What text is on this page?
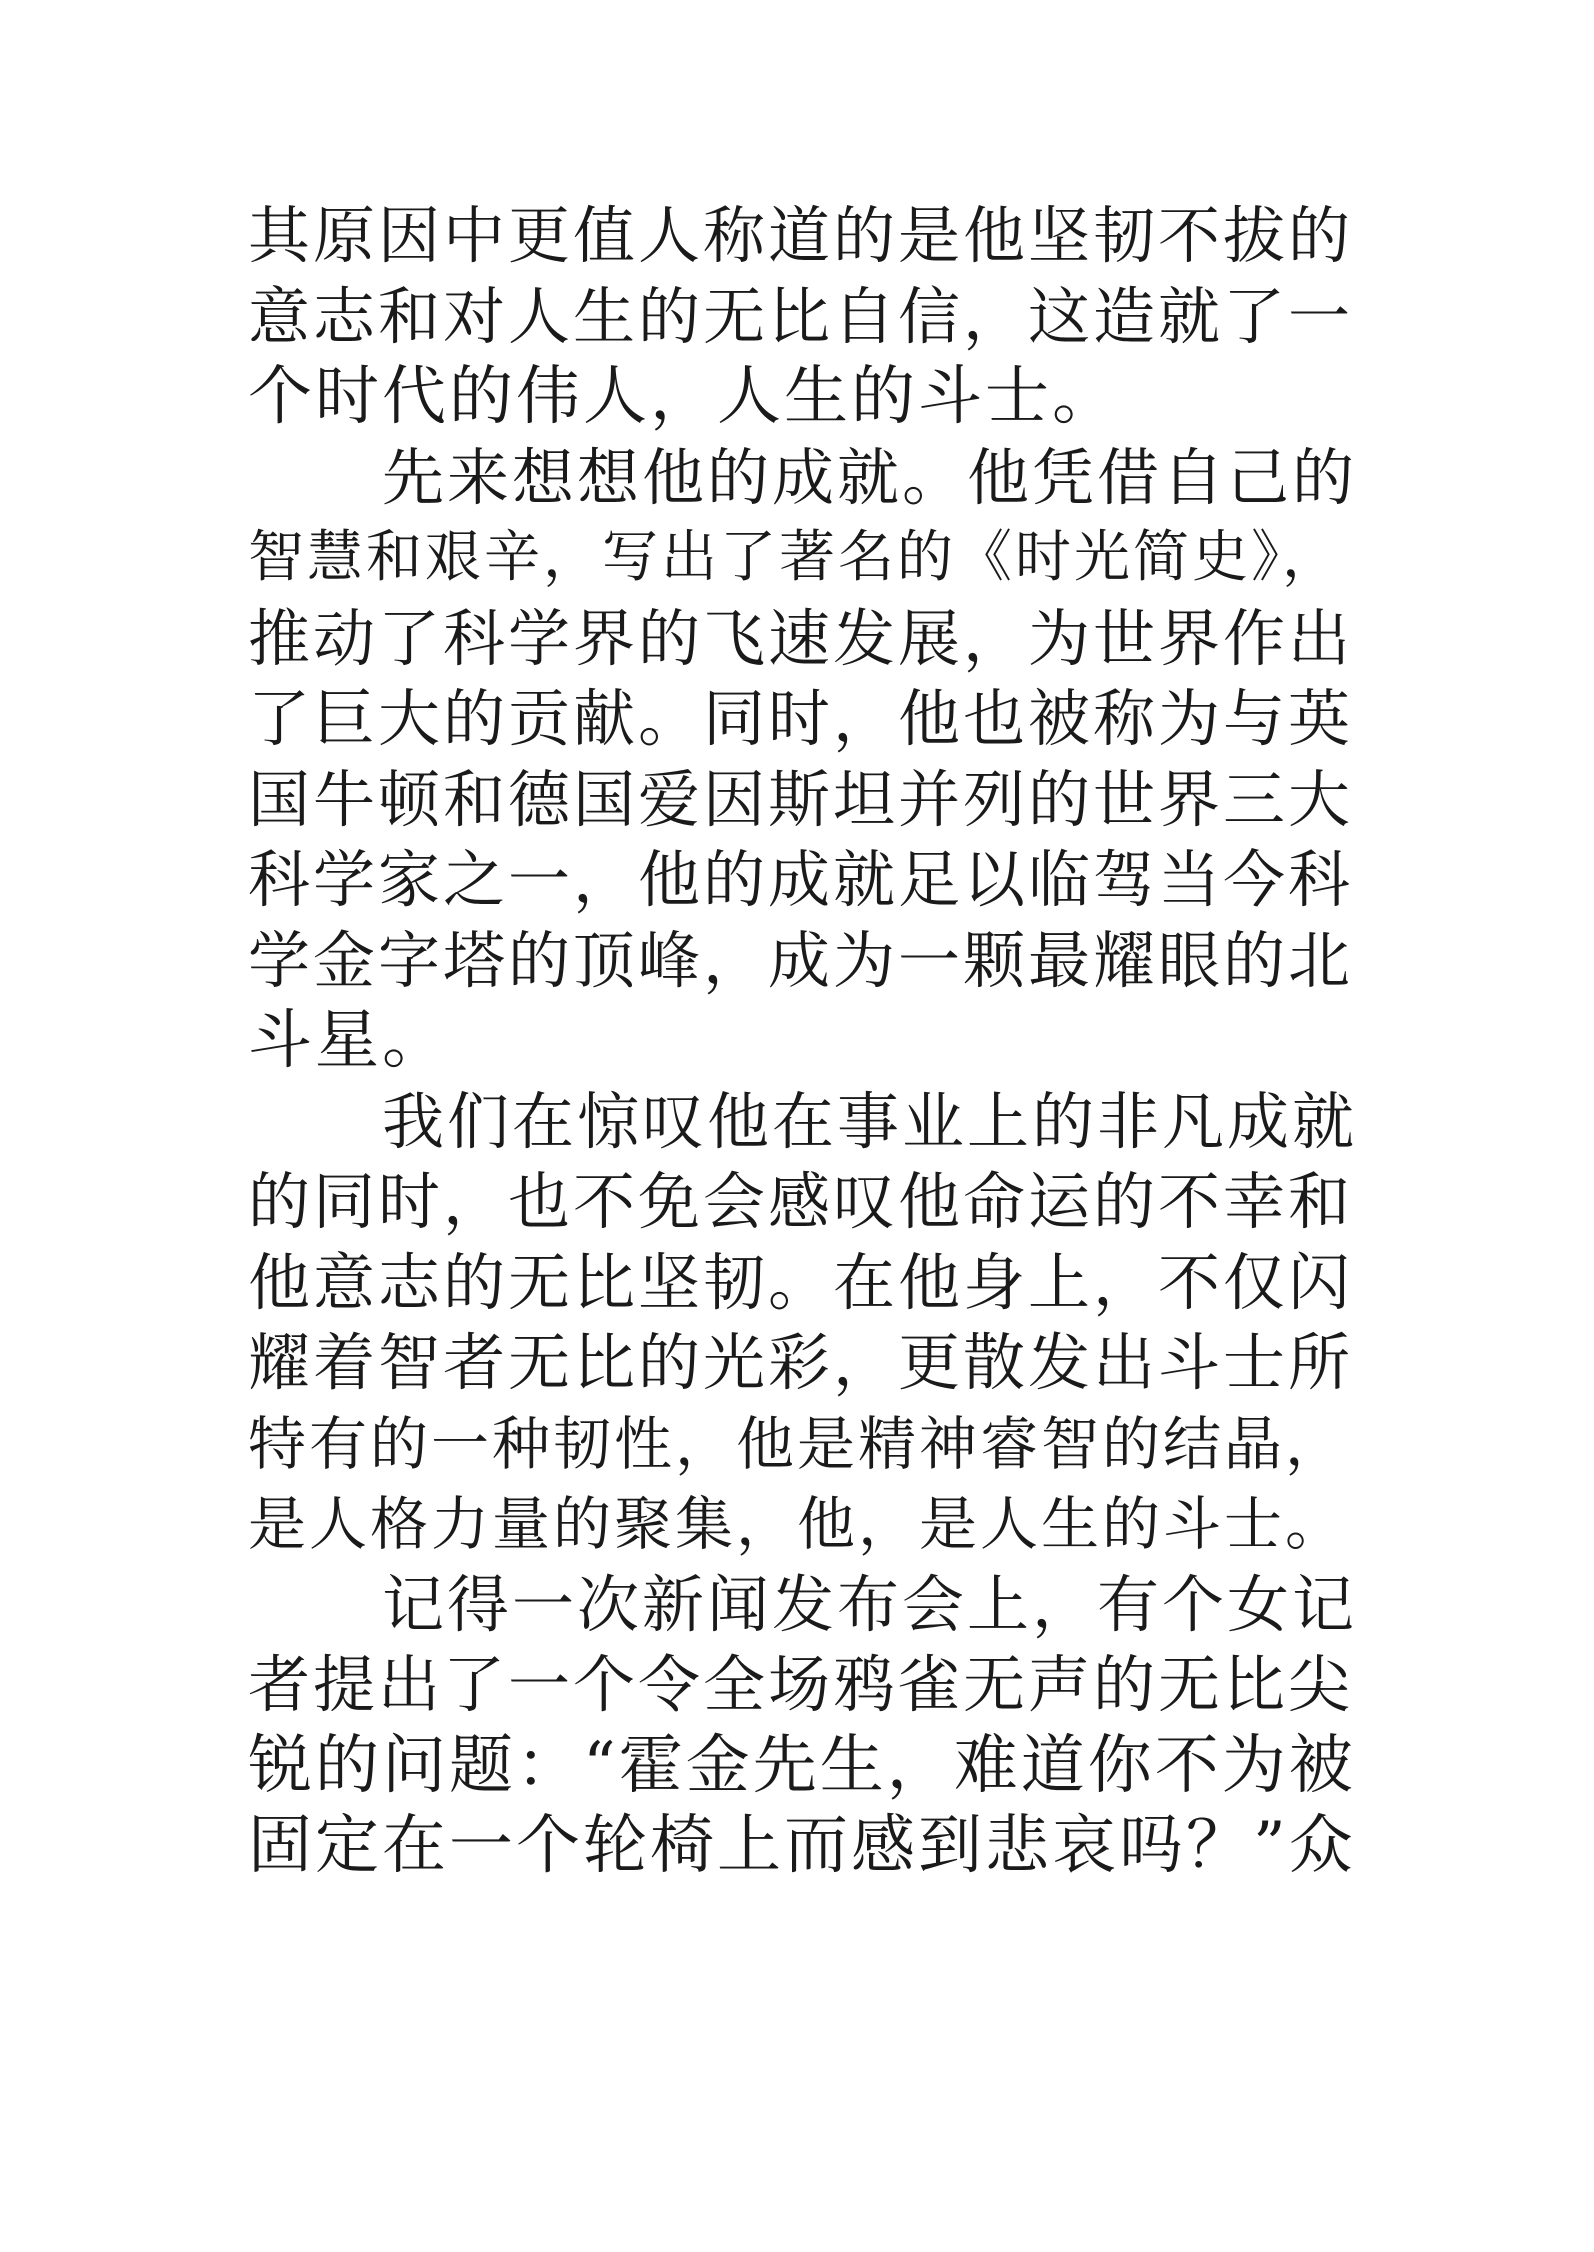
其原因中更值人称道的是他坚韧不拔的
意志和对人生的无比自信，这造就了一
个时代的伟人，人生的斗士。
先来想想他的成就。他凭借自己的
智慧和艰辛，写出了著名的《时光简史》，
推动了科学界的飞速发展，为世界作出
了巨大的贡献。同时，他也被称为与英
国牛顿和德国爱因斯坦并列的世界三大
科学家之一，他的成就足以临驾当今科
学金字塔的顶峰，成为一颗最耀眼的北
斗星。
我们在惊叹他在事业上的非凡成就
的同时，也不免会感叹他命运的不幸和
他意志的无比坚韧。在他身上，不仅闪
耀着智者无比的光彩，更散发出斗士所
特有的一种韧性，他是精神睿智的结晶，
是人格力量的聚集，他，是人生的斗士。
记得一次新闻发布会上，有个女记
者提出了一个令全场鸦雀无声的无比尖
锐的问题：“霍金先生，难道你不为被
固定在一个轮椅上而感到悲哀吗？”众
